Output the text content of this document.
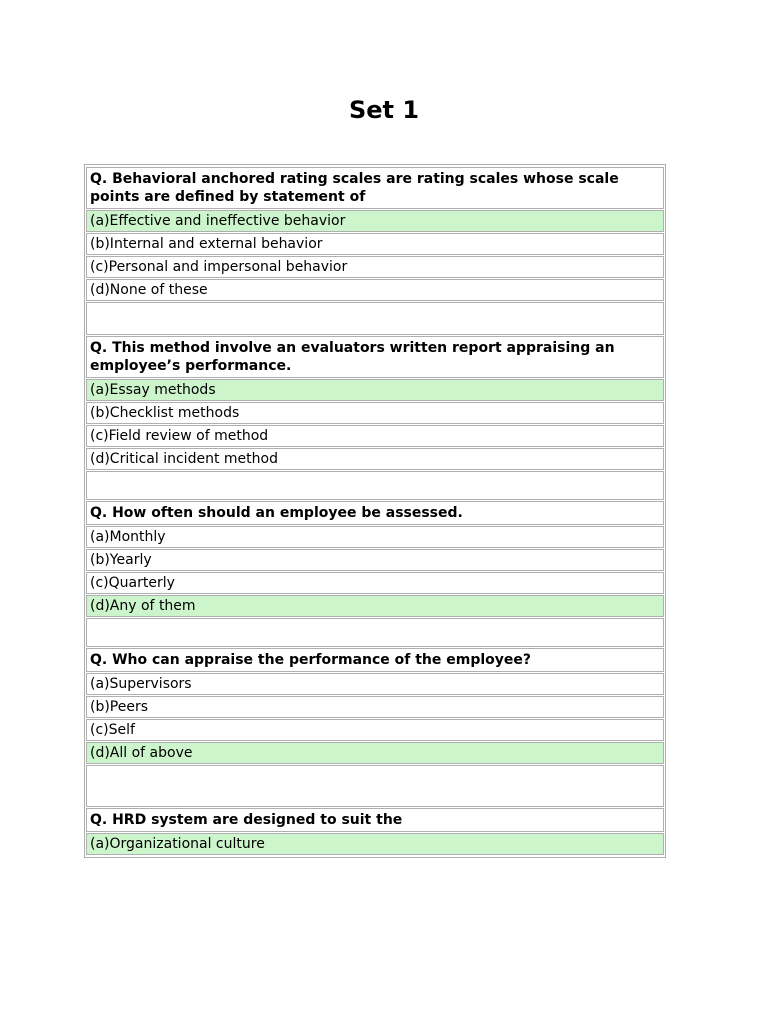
Set 1
Q. Behavioral anchored rating scales are rating scales whose scale points are defined by statement of
(a)Effective and ineffective behavior
(b)Internal and external behavior
(c)Personal and impersonal behavior
(d)None of these
Q. This method involve an evaluators written report appraising an employee’s performance.
(a)Essay methods
(b)Checklist methods
(c)Field review of method
(d)Critical incident method
Q. How often should an employee be assessed.
(a)Monthly
(b)Yearly
(c)Quarterly
(d)Any of them
Q. Who can appraise the performance of the employee?
(a)Supervisors
(b)Peers
(c)Self
(d)All of above
Q. HRD system are designed to suit the
(a)Organizational culture
